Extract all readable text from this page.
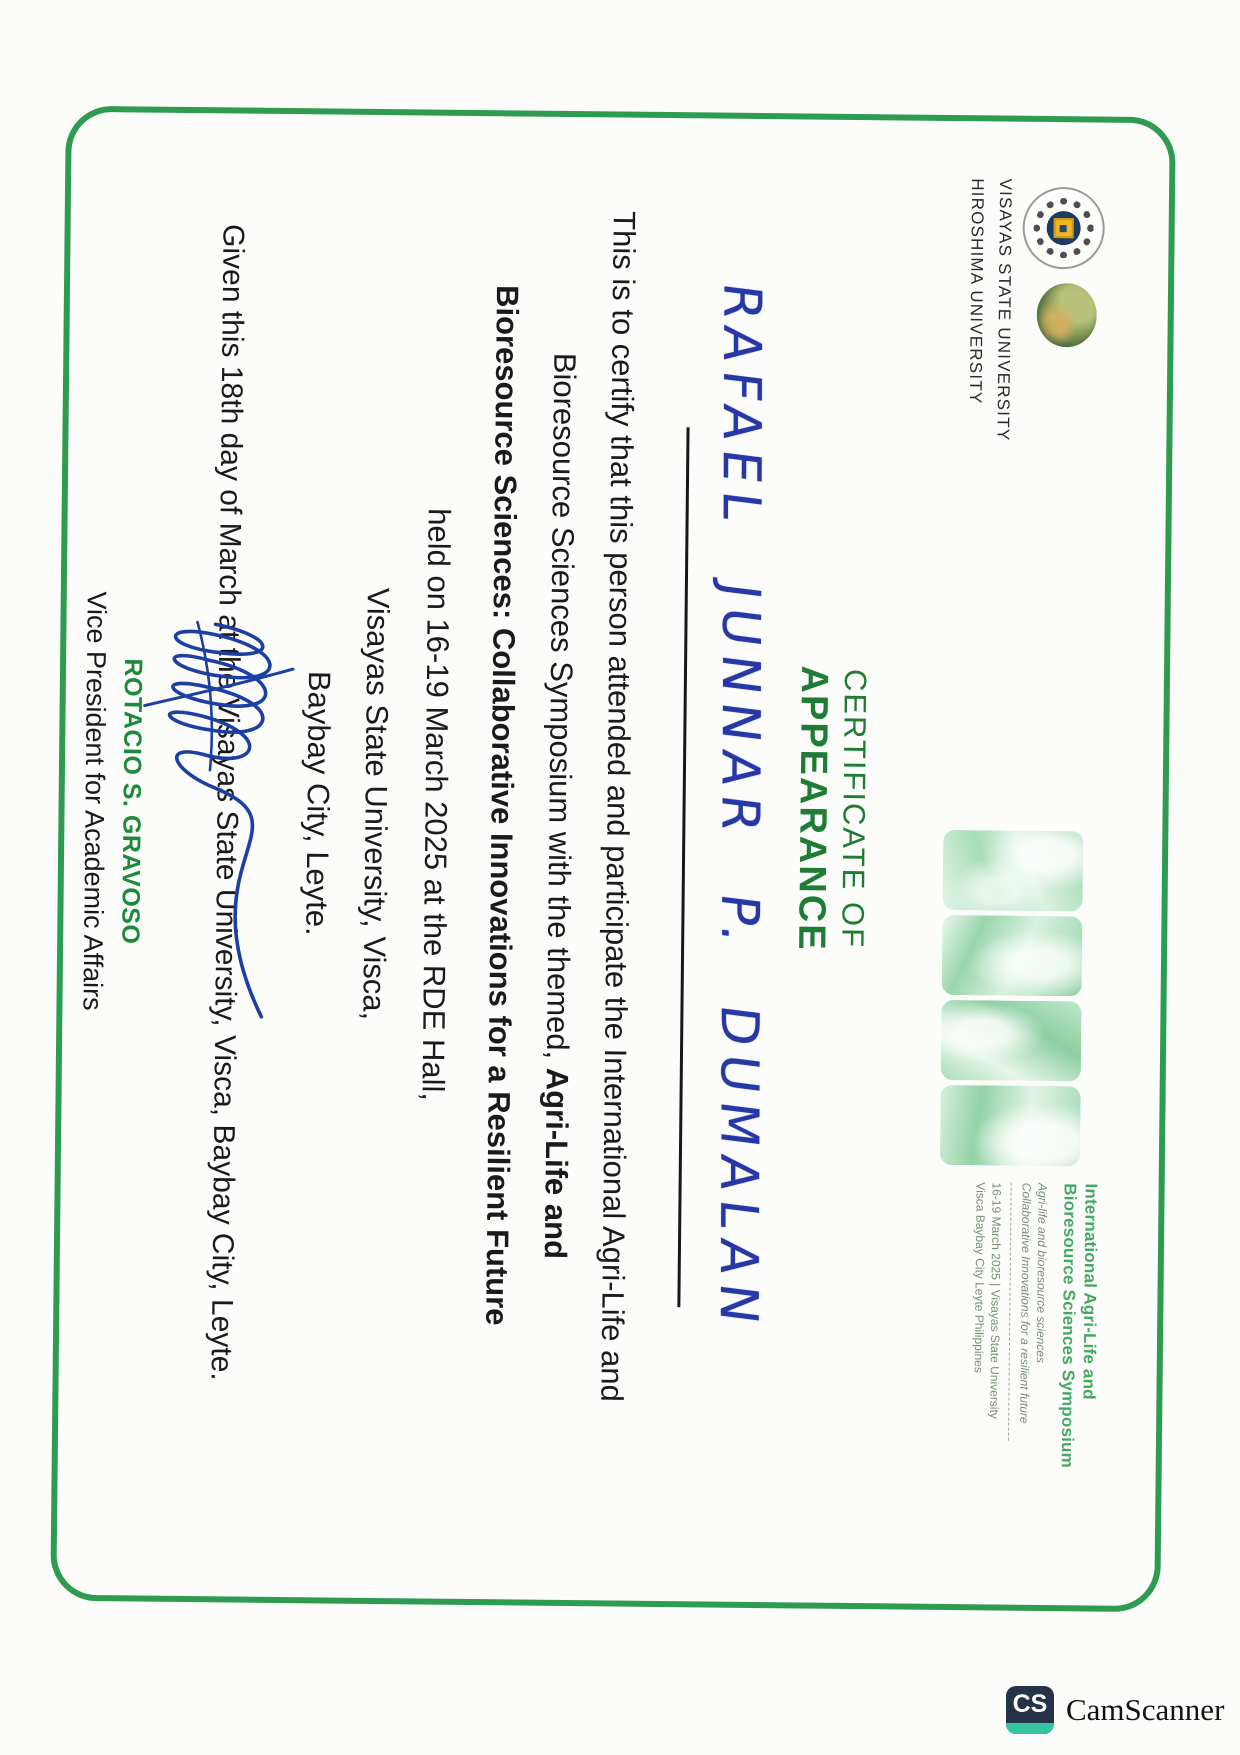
VISAYAS STATE UNIVERSITY
HIROSHIMA UNIVERSITY
International Agri-Life and
Bioresource Sciences Symposium
Agri-life and bioresource sciences
Collaborative Innovations for a resilient future
16-19 March 2025 | Visayas State University
Visca Baybay City Leyte Philippines
CERTIFICATE OF
APPEARANCE
RAFAEL JUNNAR P. DUMALAN
This is to certify that this person attended and participate the International Agri-Life and
Bioresource Sciences Symposium with the themed, Agri-Life and
Bioresource Sciences: Collaborative Innovations for a Resilient Future
held on 16-19 March 2025 at the RDE Hall,
Visayas State University, Visca,
Baybay City, Leyte.
Given this 18th day of March at the Visayas State University, Visca, Baybay City, Leyte.
ROTACIO S. GRAVOSO
Vice President for Academic Affairs
CS CamScanner
